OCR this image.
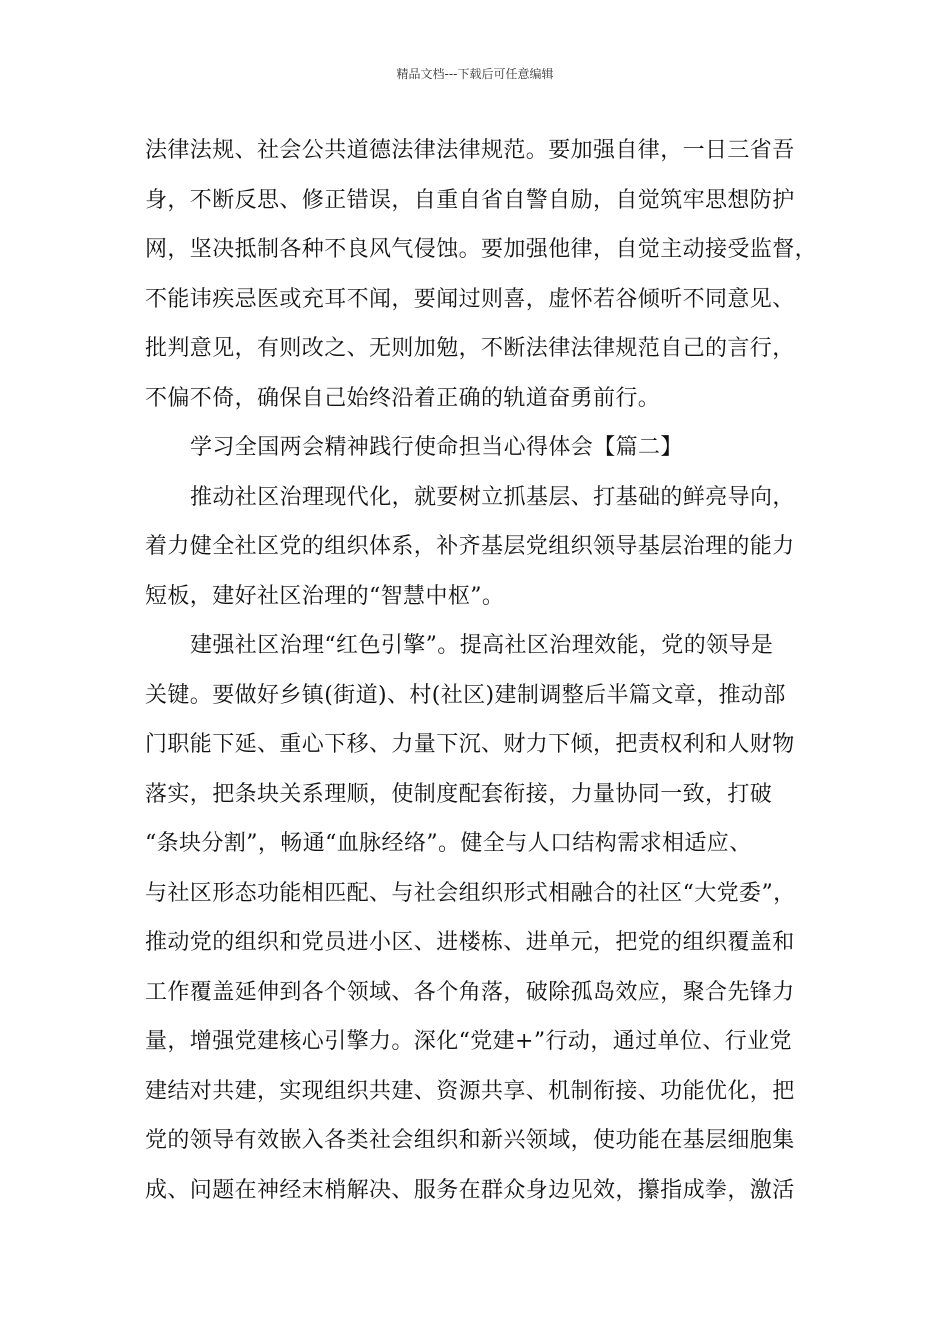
精品文档---下载后可任意编辑
法律法规、社会公共道德法律法律规范。要加强自律，一日三省吾
身，不断反思、修正错误，自重自省自警自励，自觉筑牢思想防护
网，坚决抵制各种不良风气侵蚀。要加强他律，自觉主动接受监督，
不能讳疾忌医或充耳不闻，要闻过则喜，虚怀若谷倾听不同意见、
批判意见，有则改之、无则加勉，不断法律法律规范自己的言行，
不偏不倚，确保自己始终沿着正确的轨道奋勇前行。
学习全国两会精神践行使命担当心得体会【篇二】
推动社区治理现代化，就要树立抓基层、打基础的鲜亮导向，
着力健全社区党的组织体系，补齐基层党组织领导基层治理的能力
短板，建好社区治理的“智慧中枢”。
建强社区治理“红色引擎”。提高社区治理效能，党的领导是
关键。要做好乡镇(街道)、村(社区)建制调整后半篇文章，推动部
门职能下延、重心下移、力量下沉、财力下倾，把责权利和人财物
落实，把条块关系理顺，使制度配套衔接，力量协同一致，打破
“条块分割”，畅通“血脉经络”。健全与人口结构需求相适应、
与社区形态功能相匹配、与社会组织形式相融合的社区“大党委”，
推动党的组织和党员进小区、进楼栋、进单元，把党的组织覆盖和
工作覆盖延伸到各个领域、各个角落，破除孤岛效应，聚合先锋力
量，增强党建核心引擎力。深化“党建+”行动，通过单位、行业党
建结对共建，实现组织共建、资源共享、机制衔接、功能优化，把
党的领导有效嵌入各类社会组织和新兴领域，使功能在基层细胞集
成、问题在神经末梢解决、服务在群众身边见效，攥指成拳，激活
